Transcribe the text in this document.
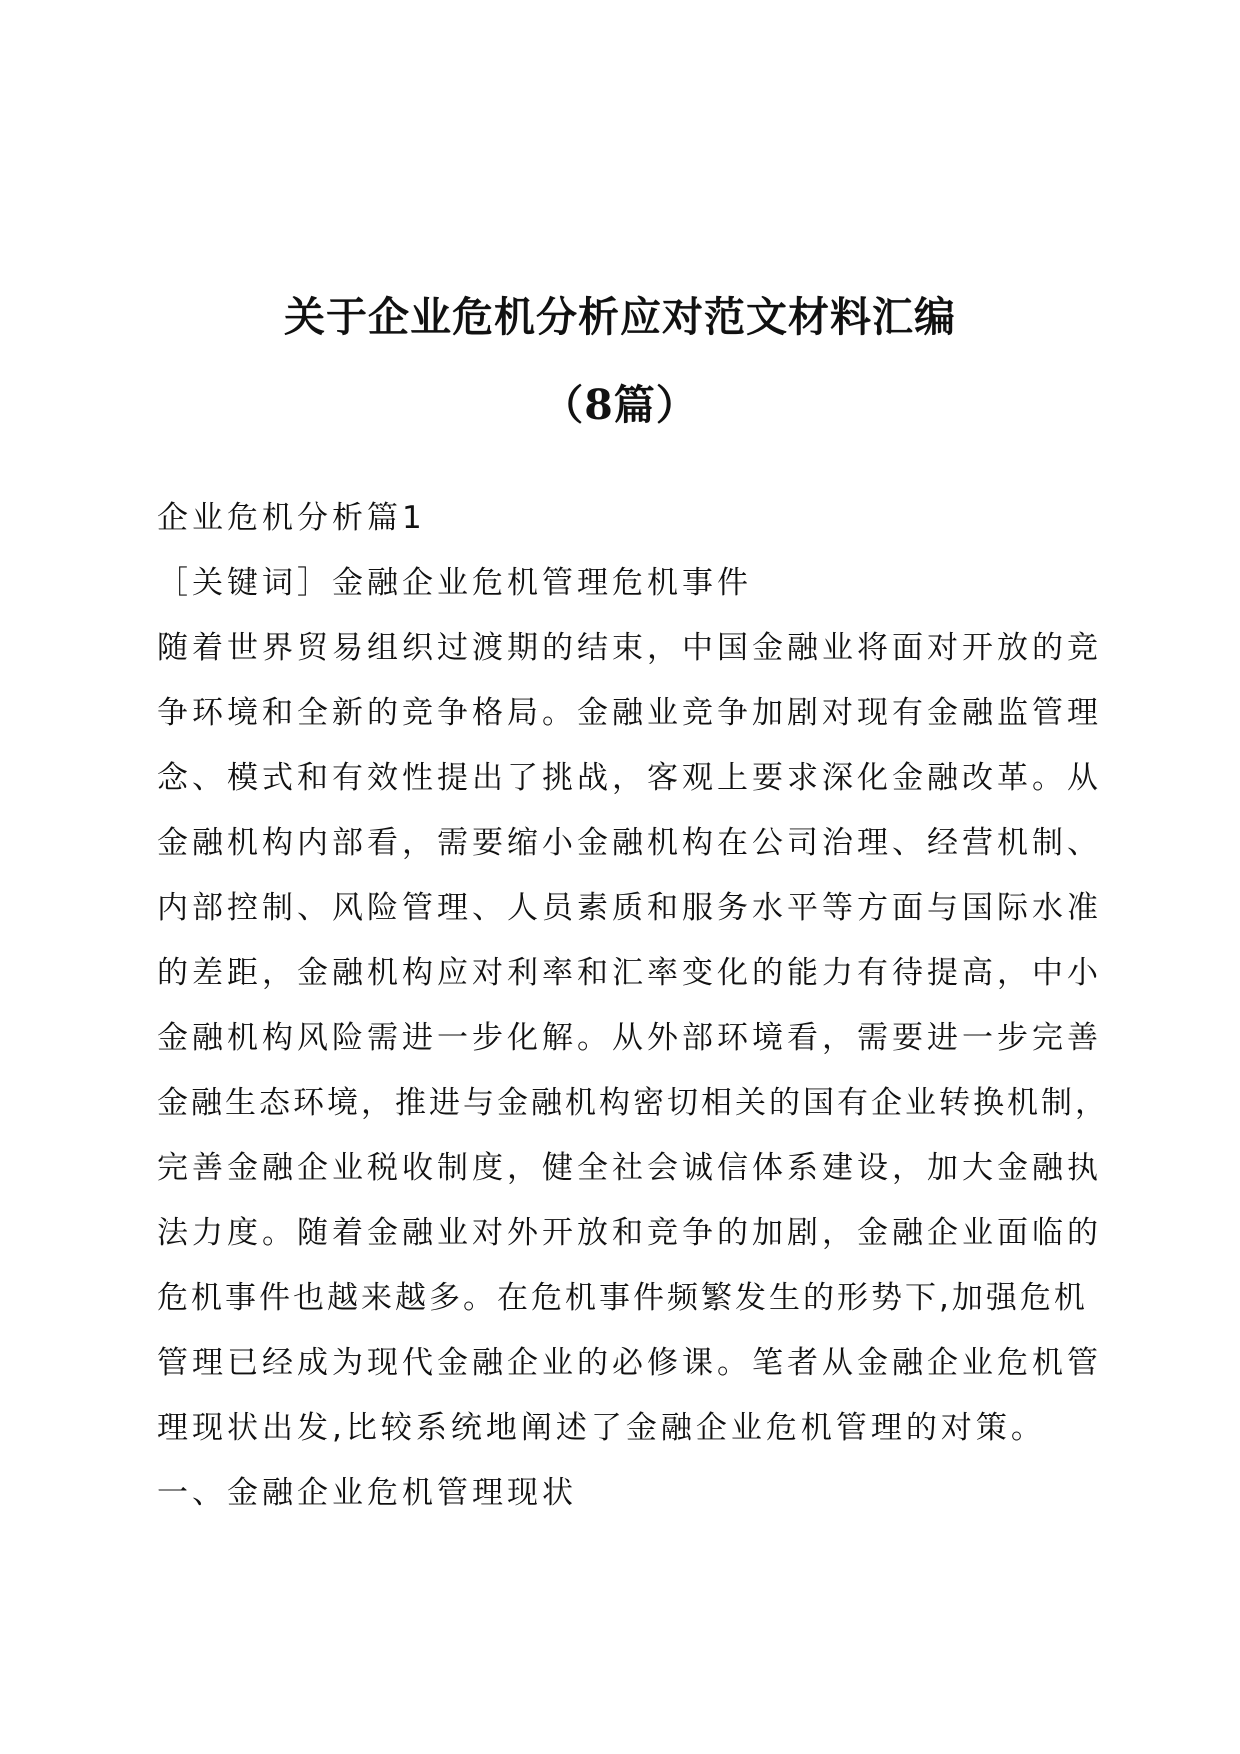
关于企业危机分析应对范文材料汇编
（8篇）
企业危机分析篇1
［关键词］金融企业危机管理危机事件
随着世界贸易组织过渡期的结束，中国金融业将面对开放的竞
争环境和全新的竞争格局。金融业竞争加剧对现有金融监管理
念、模式和有效性提出了挑战，客观上要求深化金融改革。从
金融机构内部看，需要缩小金融机构在公司治理、经营机制、
内部控制、风险管理、人员素质和服务水平等方面与国际水准
的差距，金融机构应对利率和汇率变化的能力有待提高，中小
金融机构风险需进一步化解。从外部环境看，需要进一步完善
金融生态环境，推进与金融机构密切相关的国有企业转换机制，
完善金融企业税收制度，健全社会诚信体系建设，加大金融执
法力度。随着金融业对外开放和竞争的加剧，金融企业面临的
危机事件也越来越多。在危机事件频繁发生的形势下,加强危机
管理已经成为现代金融企业的必修课。笔者从金融企业危机管
理现状出发,比较系统地阐述了金融企业危机管理的对策。
一、金融企业危机管理现状
